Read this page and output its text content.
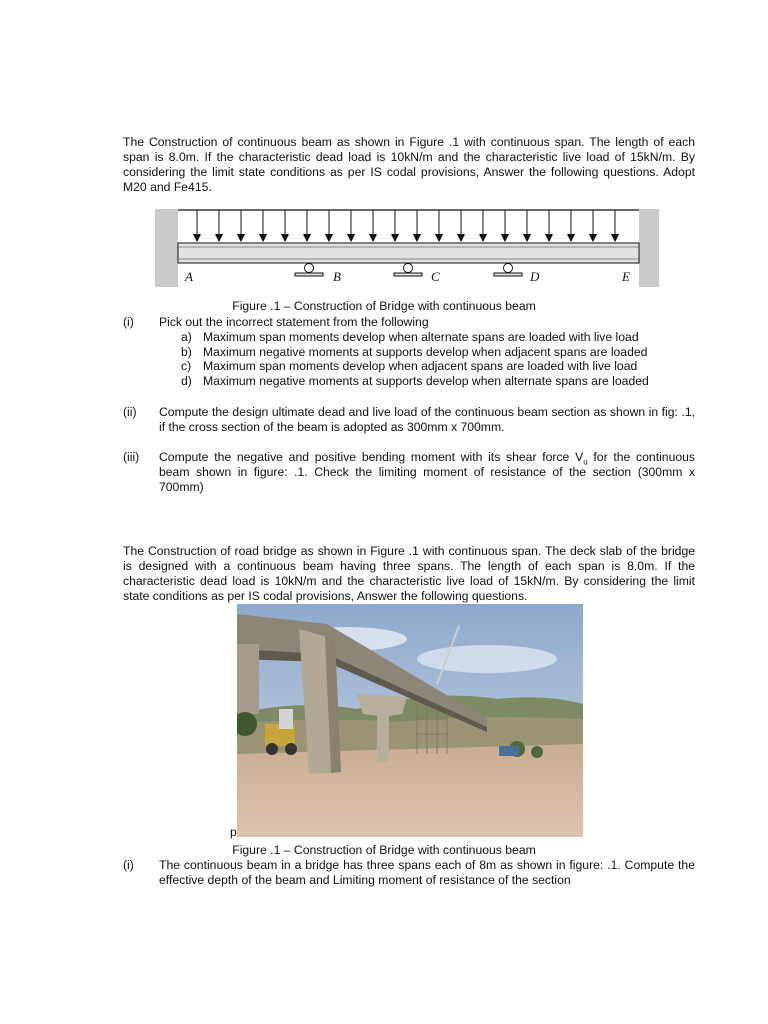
The Construction of continuous beam as shown in Figure .1 with continuous span. The length of each span is 8.0m. If the characteristic dead load is 10kN/m and the characteristic live load of 15kN/m. By considering the limit state conditions as per IS codal provisions, Answer the following questions. Adopt M20 and Fe415.

A	B	C	D	E

Figure .1 – Construction of Bridge with continuous beam

(i) Pick out the incorrect statement from the following

a) Maximum span moments develop when alternate spans are loaded with live load

b) Maximum negative moments at supports develop when adjacent spans are loaded

c) Maximum span moments develop when adjacent spans are loaded with live load

d) Maximum negative moments at supports develop when alternate spans are loaded

(ii) Compute the design ultimate dead and live load of the continuous beam section as shown in fig: .1, if the cross section of the beam is adopted as 300mm x 700mm.

(iii) Compute the negative and positive bending moment with its shear force $V_u$ for the continuous beam shown in figure: .1. Check the limiting moment of resistance of the section (300mm x 700mm)

The Construction of road bridge as shown in Figure .1 with continuous span. The deck slab of the bridge is designed with a continuous beam having three spans. The length of each span is 8.0m. If the characteristic dead load is 10kN/m and the characteristic live load of 15kN/m. By considering the limit state conditions as per IS codal provisions, Answer the following questions.

p

Figure .1 – Construction of Bridge with continuous beam

(i) The continuous beam in a bridge has three spans each of 8m as shown in figure: .1. Compute the effective depth of the beam and Limiting moment of resistance of the section
